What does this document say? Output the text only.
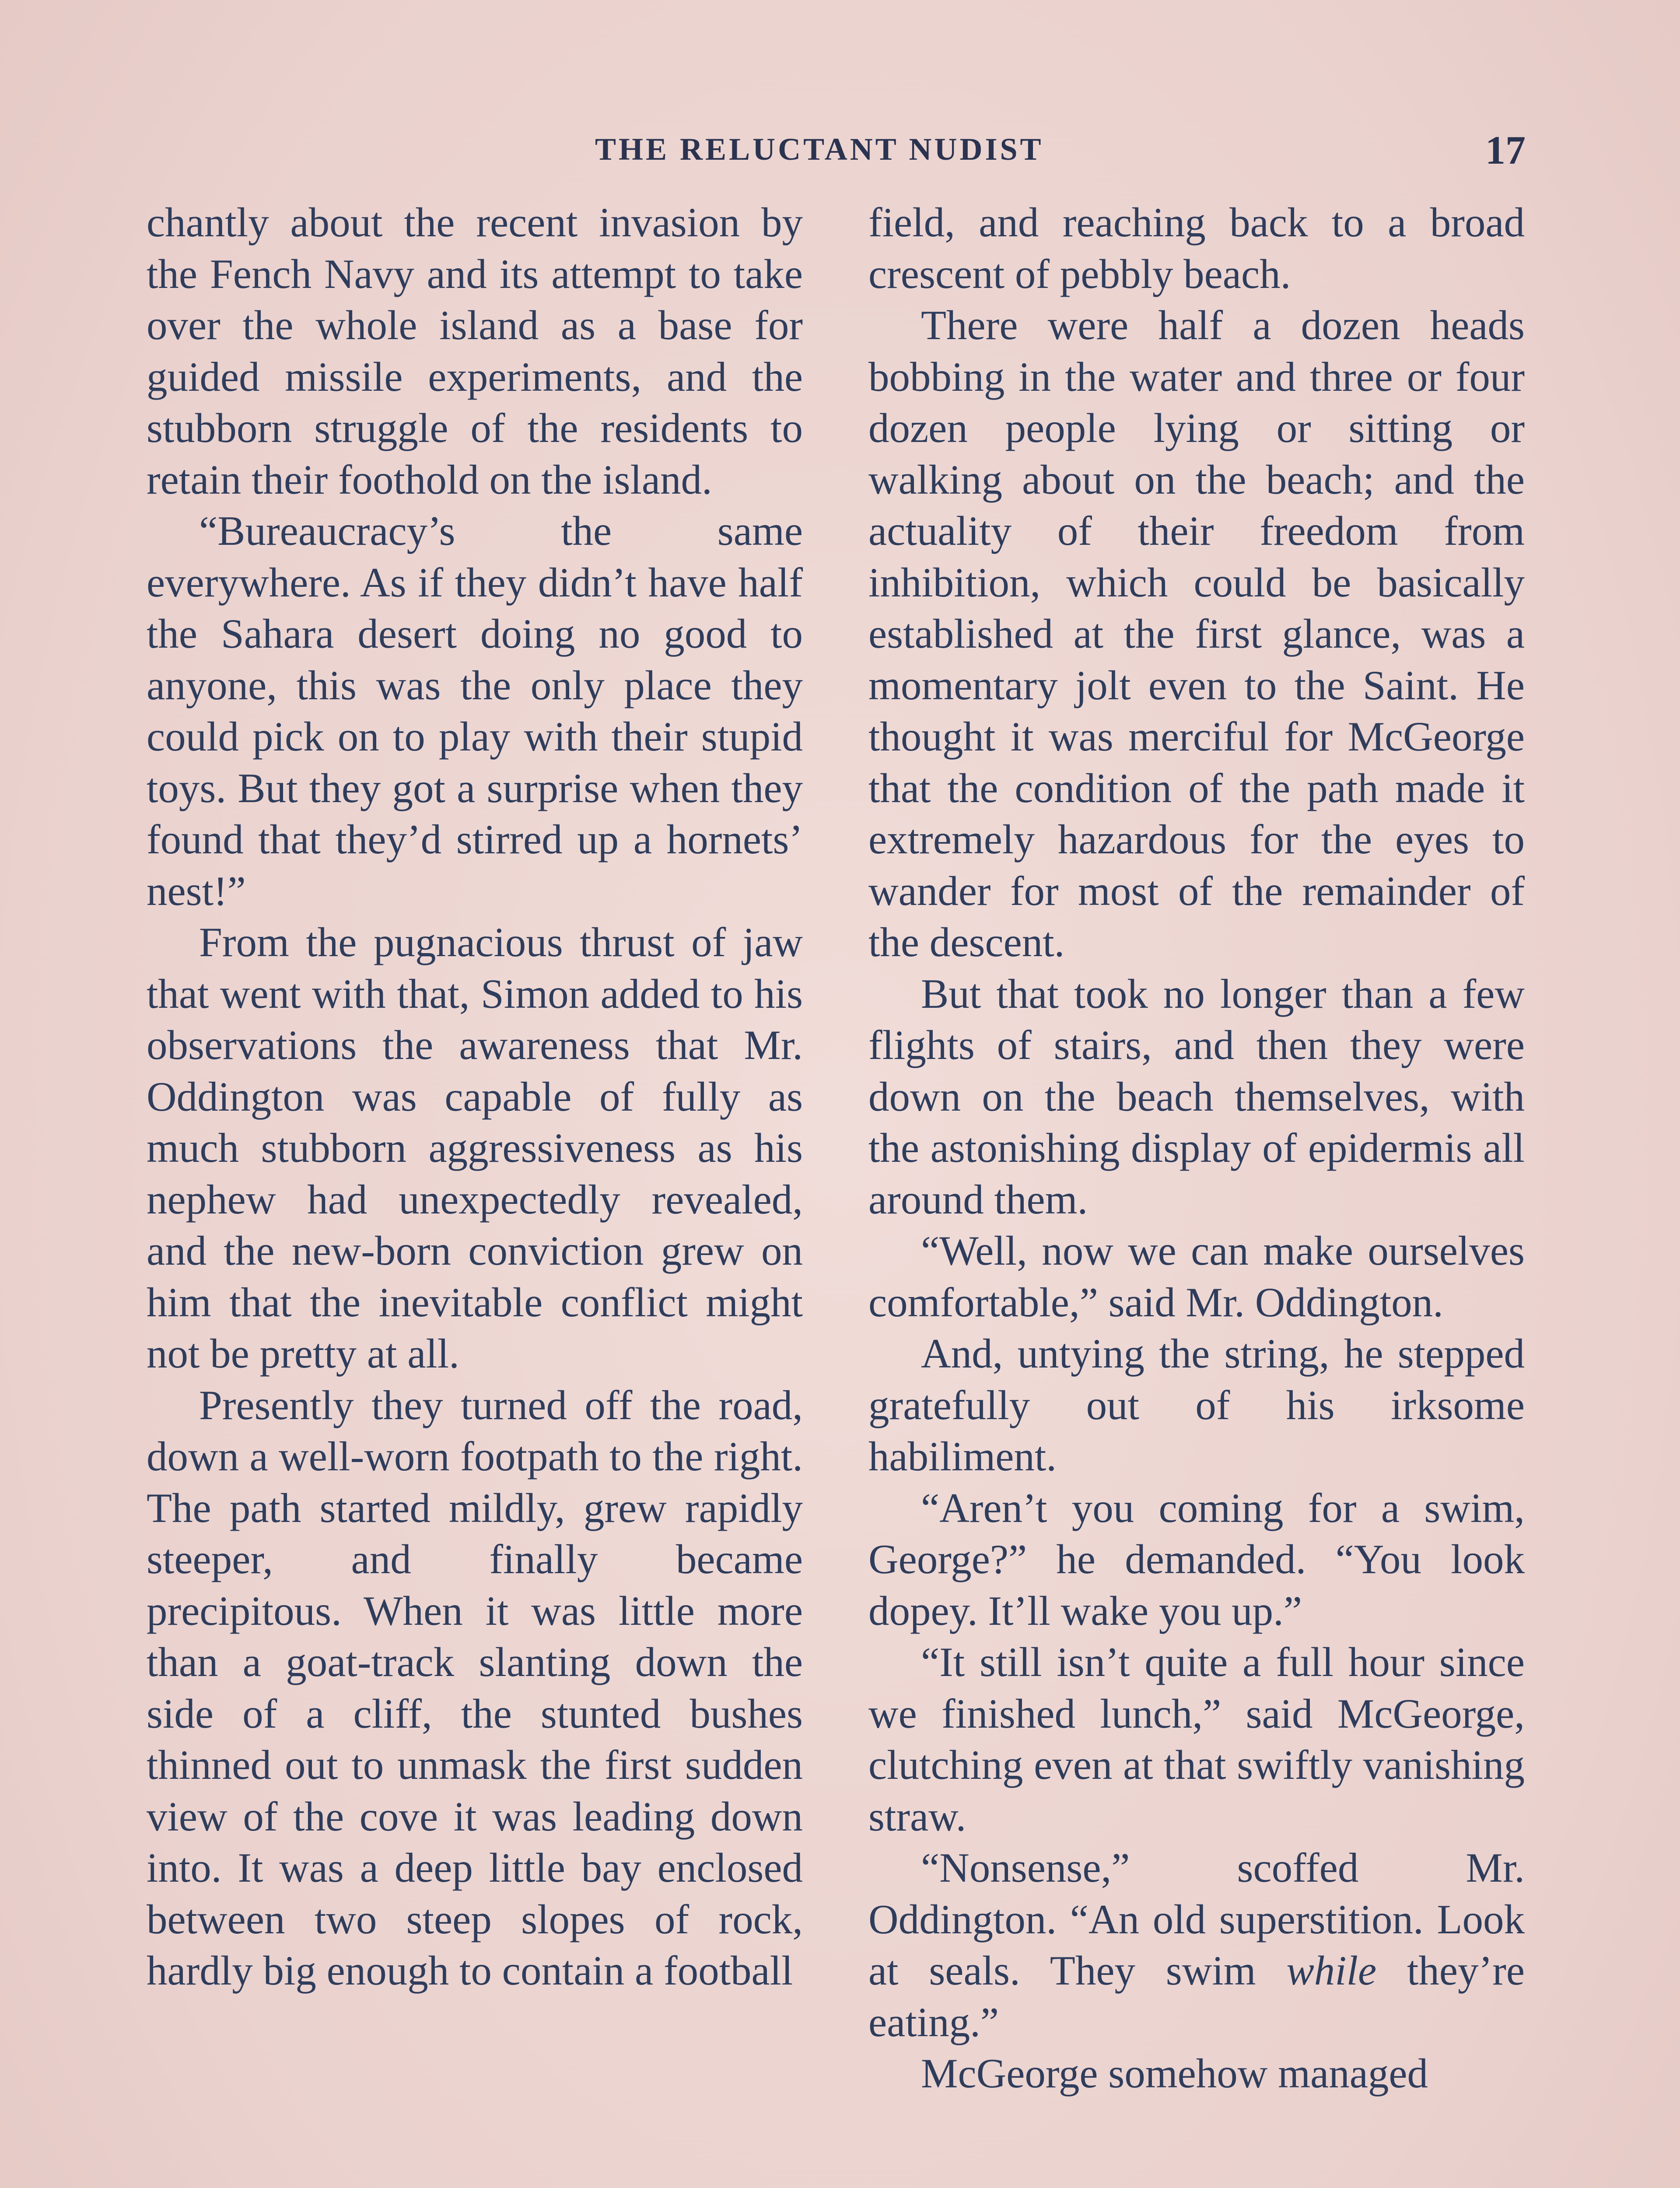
THE RELUCTANT NUDIST	17

chantly about the recent invasion by the Fench Navy and its attempt to take over the whole island as a base for guided missile experiments, and the stubborn struggle of the residents to retain their foothold on the island.

“Bureaucracy’s the same everywhere. As if they didn’t have half the Sahara desert doing no good to anyone, this was the only place they could pick on to play with their stupid toys. But they got a surprise when they found that they’d stirred up a hornets’ nest!”

From the pugnacious thrust of jaw that went with that, Simon added to his observations the awareness that Mr. Oddington was capable of fully as much stubborn aggressiveness as his nephew had unexpectedly revealed, and the new-born conviction grew on him that the inevitable conflict might not be pretty at all.

Presently they turned off the road, down a well-worn footpath to the right. The path started mildly, grew rapidly steeper, and finally became precipitous. When it was little more than a goat-track slanting down the side of a cliff, the stunted bushes thinned out to unmask the first sudden view of the cove it was leading down into. It was a deep little bay enclosed between two steep slopes of rock, hardly big enough to contain a football

field, and reaching back to a broad crescent of pebbly beach.

There were half a dozen heads bobbing in the water and three or four dozen people lying or sitting or walking about on the beach; and the actuality of their freedom from inhibition, which could be basically established at the first glance, was a momentary jolt even to the Saint. He thought it was merciful for McGeorge that the condition of the path made it extremely hazardous for the eyes to wander for most of the remainder of the descent.

But that took no longer than a few flights of stairs, and then they were down on the beach themselves, with the astonishing display of epidermis all around them.

“Well, now we can make ourselves comfortable,” said Mr. Oddington.

And, untying the string, he stepped gratefully out of his irksome habiliment.

“Aren’t you coming for a swim, George?” he demanded. “You look dopey. It’ll wake you up.”

“It still isn’t quite a full hour since we finished lunch,” said McGeorge, clutching even at that swiftly vanishing straw.

“Nonsense,” scoffed Mr. Oddington. “An old superstition. Look at seals. They swim while they’re eating.”

McGeorge somehow managed
